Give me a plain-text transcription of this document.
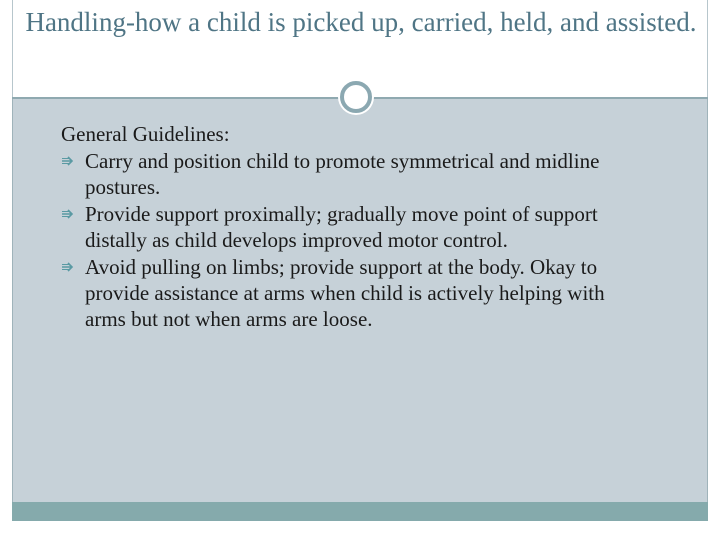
Handling-how a child is picked up, carried, held, and assisted.

General Guidelines:

Carry and position child to promote symmetrical and midline postures.

Provide support proximally; gradually move point of support distally as child develops improved motor control.

Avoid pulling on limbs; provide support at the body. Okay to provide assistance at arms when child is actively helping with arms but not when arms are loose.
